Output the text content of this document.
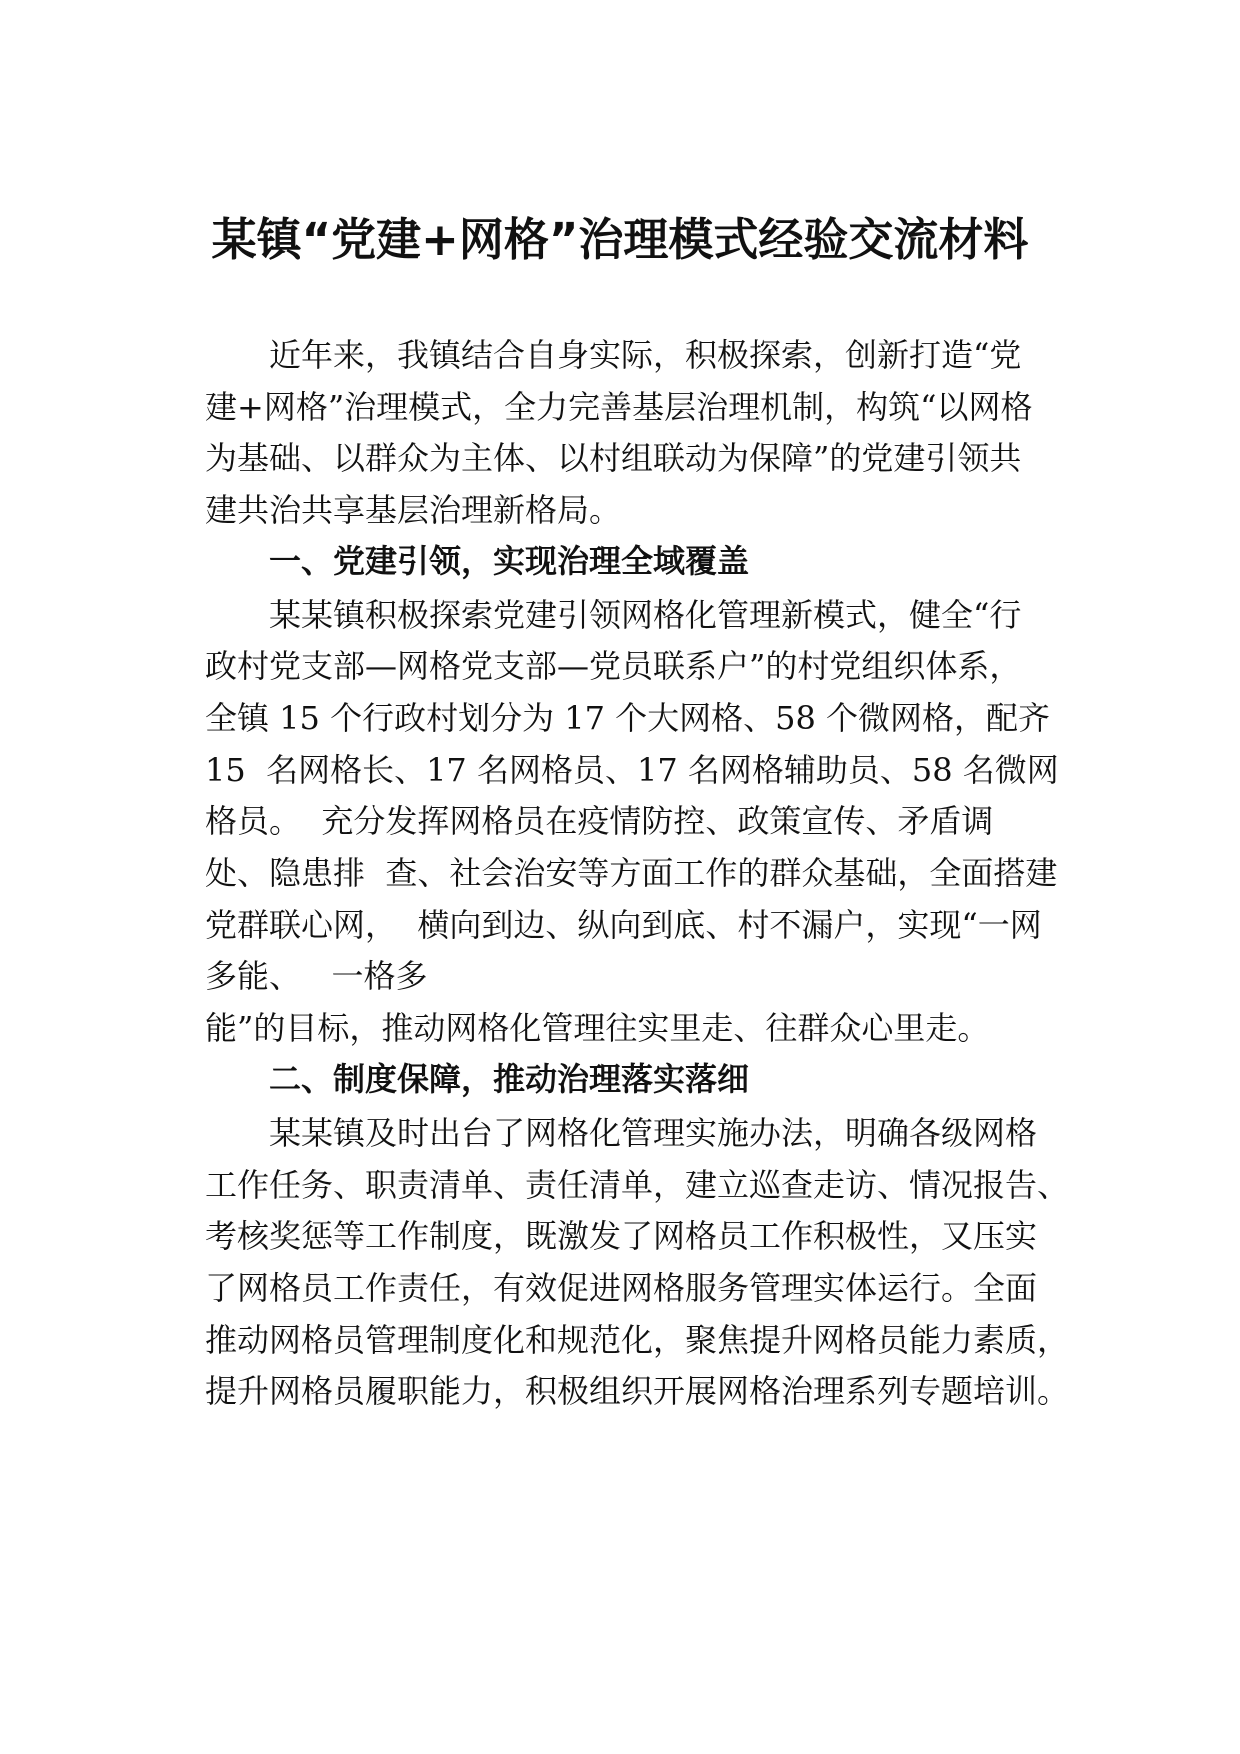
某镇“党建+网格”治理模式经验交流材料

近年来，我镇结合自身实际，积极探索，创新打造“党

建+网格”治理模式，全力完善基层治理机制，构筑“以网格

为基础、以群众为主体、以村组联动为保障”的党建引领共

建共治共享基层治理新格局。

一、党建引领，实现治理全域覆盖

某某镇积极探索党建引领网格化管理新模式，健全“行

政村党支部—网格党支部—党员联系户”的村党组织体系，

全镇 15 个行政村划分为 17 个大网格、58 个微网格，配齐

15  名网格长、17 名网格员、17 名网格辅助员、58 名微网

格员。  充分发挥网格员在疫情防控、政策宣传、矛盾调

处、隐患排  查、社会治安等方面工作的群众基础，全面搭建

党群联心网，  横向到边、纵向到底、村不漏户，实现“一网

多能、   一格多

能”的目标，推动网格化管理往实里走、往群众心里走。

二、制度保障，推动治理落实落细

某某镇及时出台了网格化管理实施办法，明确各级网格

工作任务、职责清单、责任清单，建立巡查走访、情况报告、

考核奖惩等工作制度，既激发了网格员工作积极性，又压实

了网格员工作责任，有效促进网格服务管理实体运行。全面

推动网格员管理制度化和规范化，聚焦提升网格员能力素质，

提升网格员履职能力，积极组织开展网格治理系列专题培训。
